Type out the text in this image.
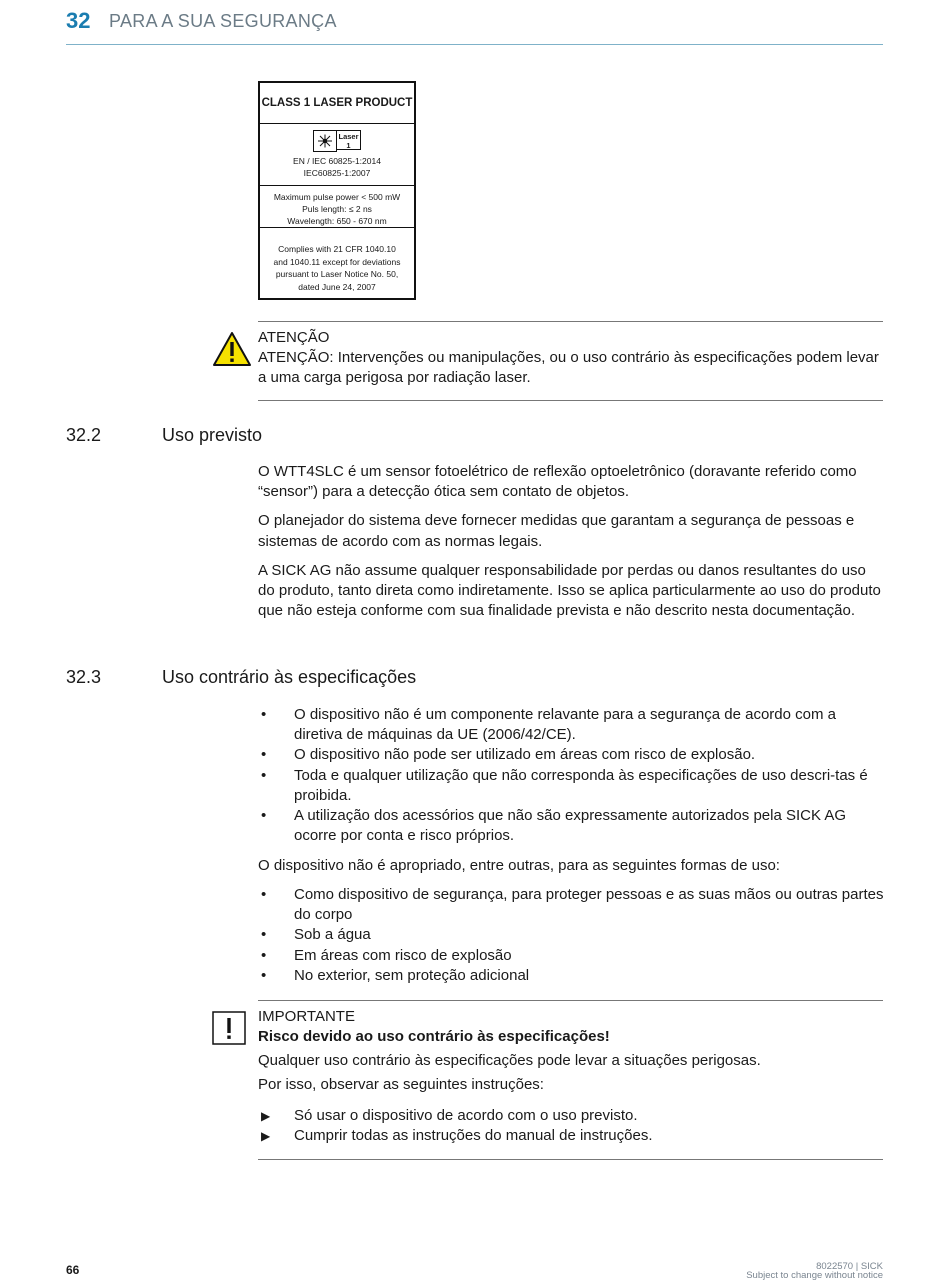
32 PARA A SUA SEGURANÇA
CLASS 1 LASER PRODUCT
Laser
1
EN / IEC 60825-1:2014
IEC60825-1:2007
Maximum pulse power < 500 mW
Puls length: ≤ 2 ns
Wavelength: 650 - 670 nm
Complies with 21 CFR 1040.10
and 1040.11 except for deviations
pursuant to Laser Notice No. 50,
dated June 24, 2007
ATENÇÃO
ATENÇÃO: Intervenções ou manipulações, ou o uso contrário às especificações podem levar a uma carga perigosa por radiação laser.
32.2	Uso previsto

O WTT4SLC é um sensor fotoelétrico de reflexão optoeletrônico (doravante referido como “sensor”) para a detecção ótica sem contato de objetos.

O planejador do sistema deve fornecer medidas que garantam a segurança de pessoas e sistemas de acordo com as normas legais.

A SICK AG não assume qualquer responsabilidade por perdas ou danos resultantes do uso do produto, tanto direta como indiretamente. Isso se aplica particularmente ao uso do produto que não esteja conforme com sua finalidade prevista e não descrito nesta documentação.

32.3	Uso contrário às especificações
• O dispositivo não é um componente relavante para a segurança de acordo com a diretiva de máquinas da UE (2006/42/CE).
• O dispositivo não pode ser utilizado em áreas com risco de explosão.
• Toda e qualquer utilização que não corresponda às especificações de uso descri-tas é proibida.
• A utilização dos acessórios que não são expressamente autorizados pela SICK AG ocorre por conta e risco próprios.
O dispositivo não é apropriado, entre outras, para as seguintes formas de uso:
• Como dispositivo de segurança, para proteger pessoas e as suas mãos ou outras partes do corpo
• Sob a água
• Em áreas com risco de explosão
• No exterior, sem proteção adicional
IMPORTANTE
Risco devido ao uso contrário às especificações!
Qualquer uso contrário às especificações pode levar a situações perigosas.
Por isso, observar as seguintes instruções:
▶ Só usar o dispositivo de acordo com o uso previsto.
▶ Cumprir todas as instruções do manual de instruções.
66	8022570 | SICK
Subject to change without notice
